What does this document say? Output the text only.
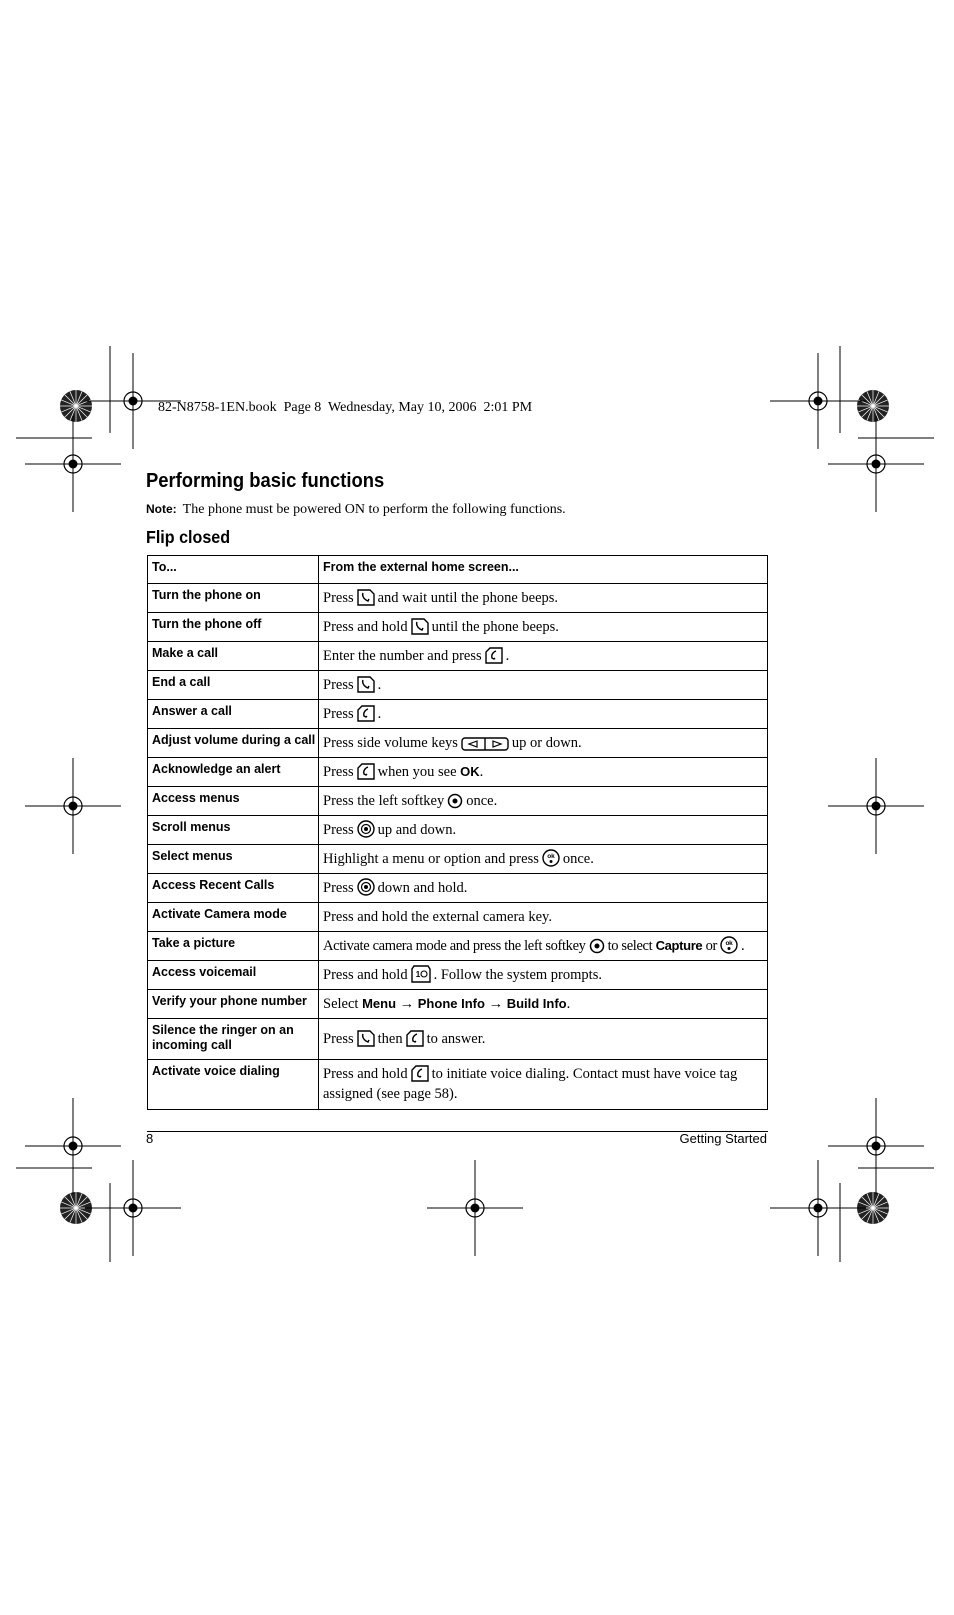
82-N8758-1EN.book  Page 8  Wednesday, May 10, 2006  2:01 PM
Performing basic functions
Note: The phone must be powered ON to perform the following functions.
Flip closed
To...	From the external home screen...
Turn the phone on	Press and wait until the phone beeps.
Turn the phone off	Press and hold until the phone beeps.
Make a call	Enter the number and press .
End a call	Press .
Answer a call	Press .
Adjust volume during a call	Press side volume keys up or down.
Acknowledge an alert	Press when you see OK.
Access menus	Press the left softkey once.
Scroll menus	Press up and down.
Select menus	Highlight a menu or option and press ok once.
Access Recent Calls	Press down and hold.
Activate Camera mode	Press and hold the external camera key.
Take a picture	Activate camera mode and press the left softkey to select Capture or ok .
Access voicemail	Press and hold 1 . Follow the system prompts.
Verify your phone number	Select Menu → Phone Info → Build Info.
Silence the ringer on an incoming call	Press then to answer.
Activate voice dialing	Press and hold to initiate voice dialing. Contact must have voice tag assigned (see page 58).
8	Getting Started
